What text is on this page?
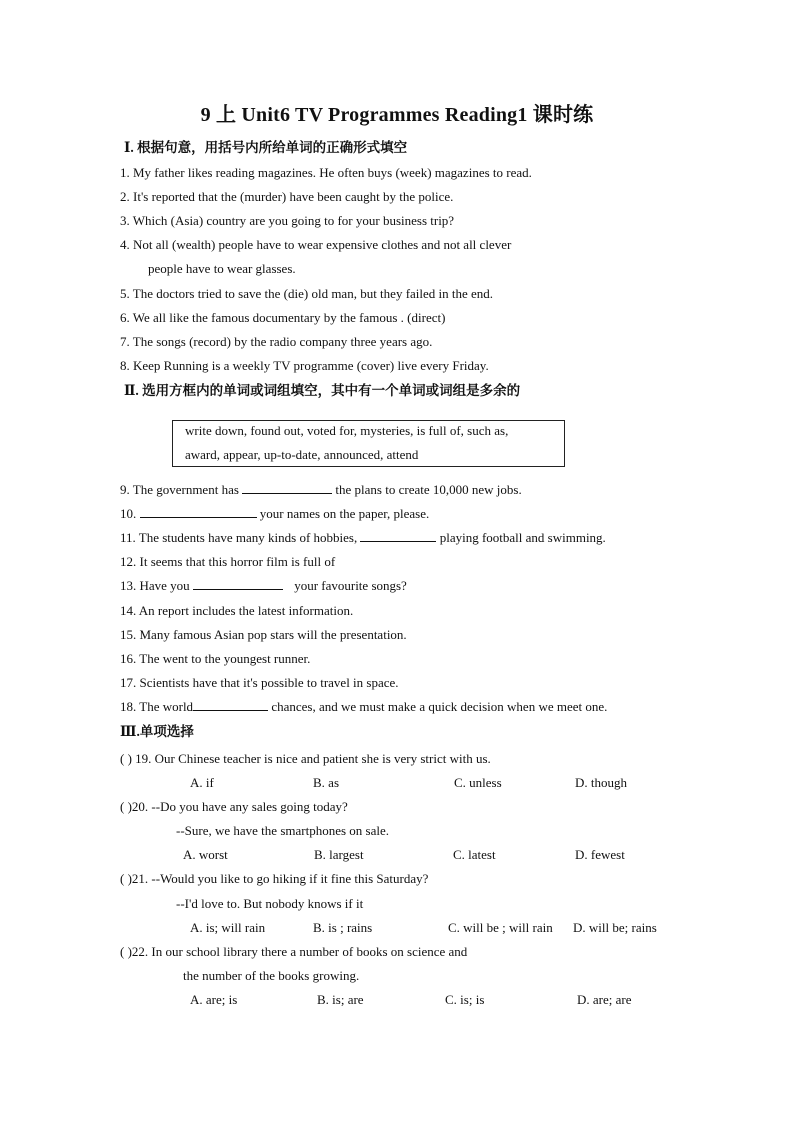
9 上 Unit6 TV Programmes Reading1 课时练
Ⅰ. 根据句意，用括号内所给单词的正确形式填空
1. My father likes reading magazines. He often buys (week) magazines to read.
2. It's reported that the (murder) have been caught by the police.
3. Which (Asia) country are you going to for your business trip?
4. Not all (wealth) people have to wear expensive clothes and not all clever
people have to wear glasses.
5. The doctors tried to save the (die) old man, but they failed in the end.
6. We all like the famous documentary by the famous . (direct)
7. The songs (record) by the radio company three years ago.
8. Keep Running is a weekly TV programme (cover) live every Friday.
Ⅱ. 选用方框内的单词或词组填空，其中有一个单词或词组是多余的
write down, found out, voted for, mysteries, is full of, such as,
award, appear, up-to-date, announced, attend
9. The government has	the plans to create 10,000 new jobs.
10.	your names on the paper, please.
11. The students have many kinds of hobbies,	playing football and swimming.
12. It seems that this horror film is full of
13. Have you	your favourite songs?
14. An report includes the latest information.
15. Many famous Asian pop stars will the presentation.
16. The went to the youngest runner.
17. Scientists have that it's possible to travel in space.
18. The world	chances, and we must make a quick decision when we meet one.
Ⅲ.单项选择
( ) 19. Our Chinese teacher is nice and patient she is very strict with us.
A. if	B. as	C. unless	D. though
( )20. --Do you have any sales going today?
--Sure, we have the smartphones on sale.
A. worst	B. largest	C. latest	D. fewest
( )21. --Would you like to go hiking if it fine this Saturday?
--I'd love to. But nobody knows if it
A. is; will rain	B. is ; rains	C. will be ; will rain D. will be; rains
( )22. In our school library there a number of books on science and
the number of the books growing.
A. are; is	B. is; are	C. is; is	D. are; are
